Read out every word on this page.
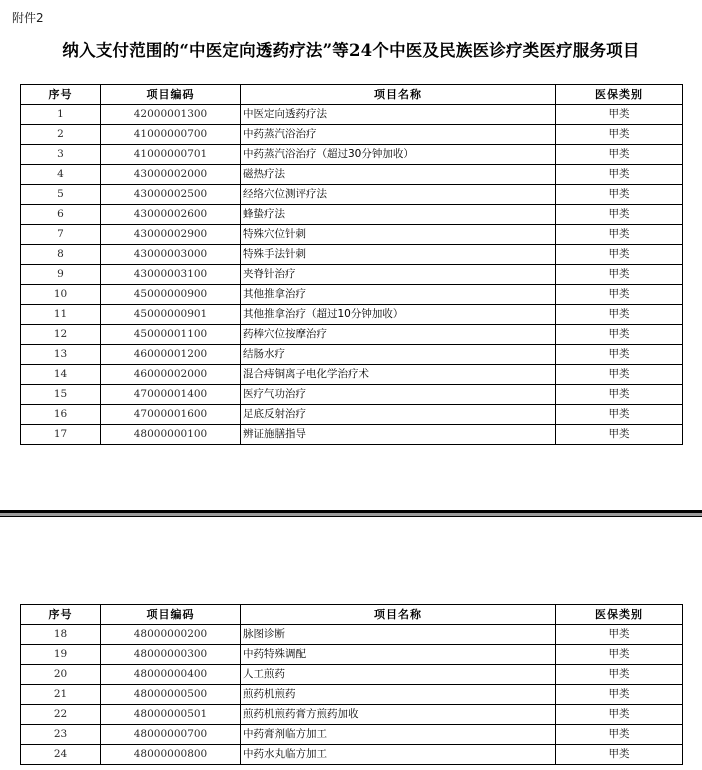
附件2
纳入支付范围的“中医定向透药疗法”等24个中医及民族医诊疗类医疗服务项目
序号	项目编码	项目名称	医保类别
1	42000001300	中医定向透药疗法	甲类
2	41000000700	中药蒸汽浴治疗	甲类
3	41000000701	中药蒸汽浴治疗（超过30分钟加收）	甲类
4	43000002000	磁热疗法	甲类
5	43000002500	经络穴位测评疗法	甲类
6	43000002600	蜂蛰疗法	甲类
7	43000002900	特殊穴位针刺	甲类
8	43000003000	特殊手法针刺	甲类
9	43000003100	夹脊针治疗	甲类
10	45000000900	其他推拿治疗	甲类
11	45000000901	其他推拿治疗（超过10分钟加收）	甲类
12	45000001100	药棒穴位按摩治疗	甲类
13	46000001200	结肠水疗	甲类
14	46000002000	混合痔铜离子电化学治疗术	甲类
15	47000001400	医疗气功治疗	甲类
16	47000001600	足底反射治疗	甲类
17	48000000100	辨证施膳指导	甲类
序号	项目编码	项目名称	医保类别
18	48000000200	脉图诊断	甲类
19	48000000300	中药特殊调配	甲类
20	48000000400	人工煎药	甲类
21	48000000500	煎药机煎药	甲类
22	48000000501	煎药机煎药膏方煎药加收	甲类
23	48000000700	中药膏剂临方加工	甲类
24	48000000800	中药水丸临方加工	甲类
